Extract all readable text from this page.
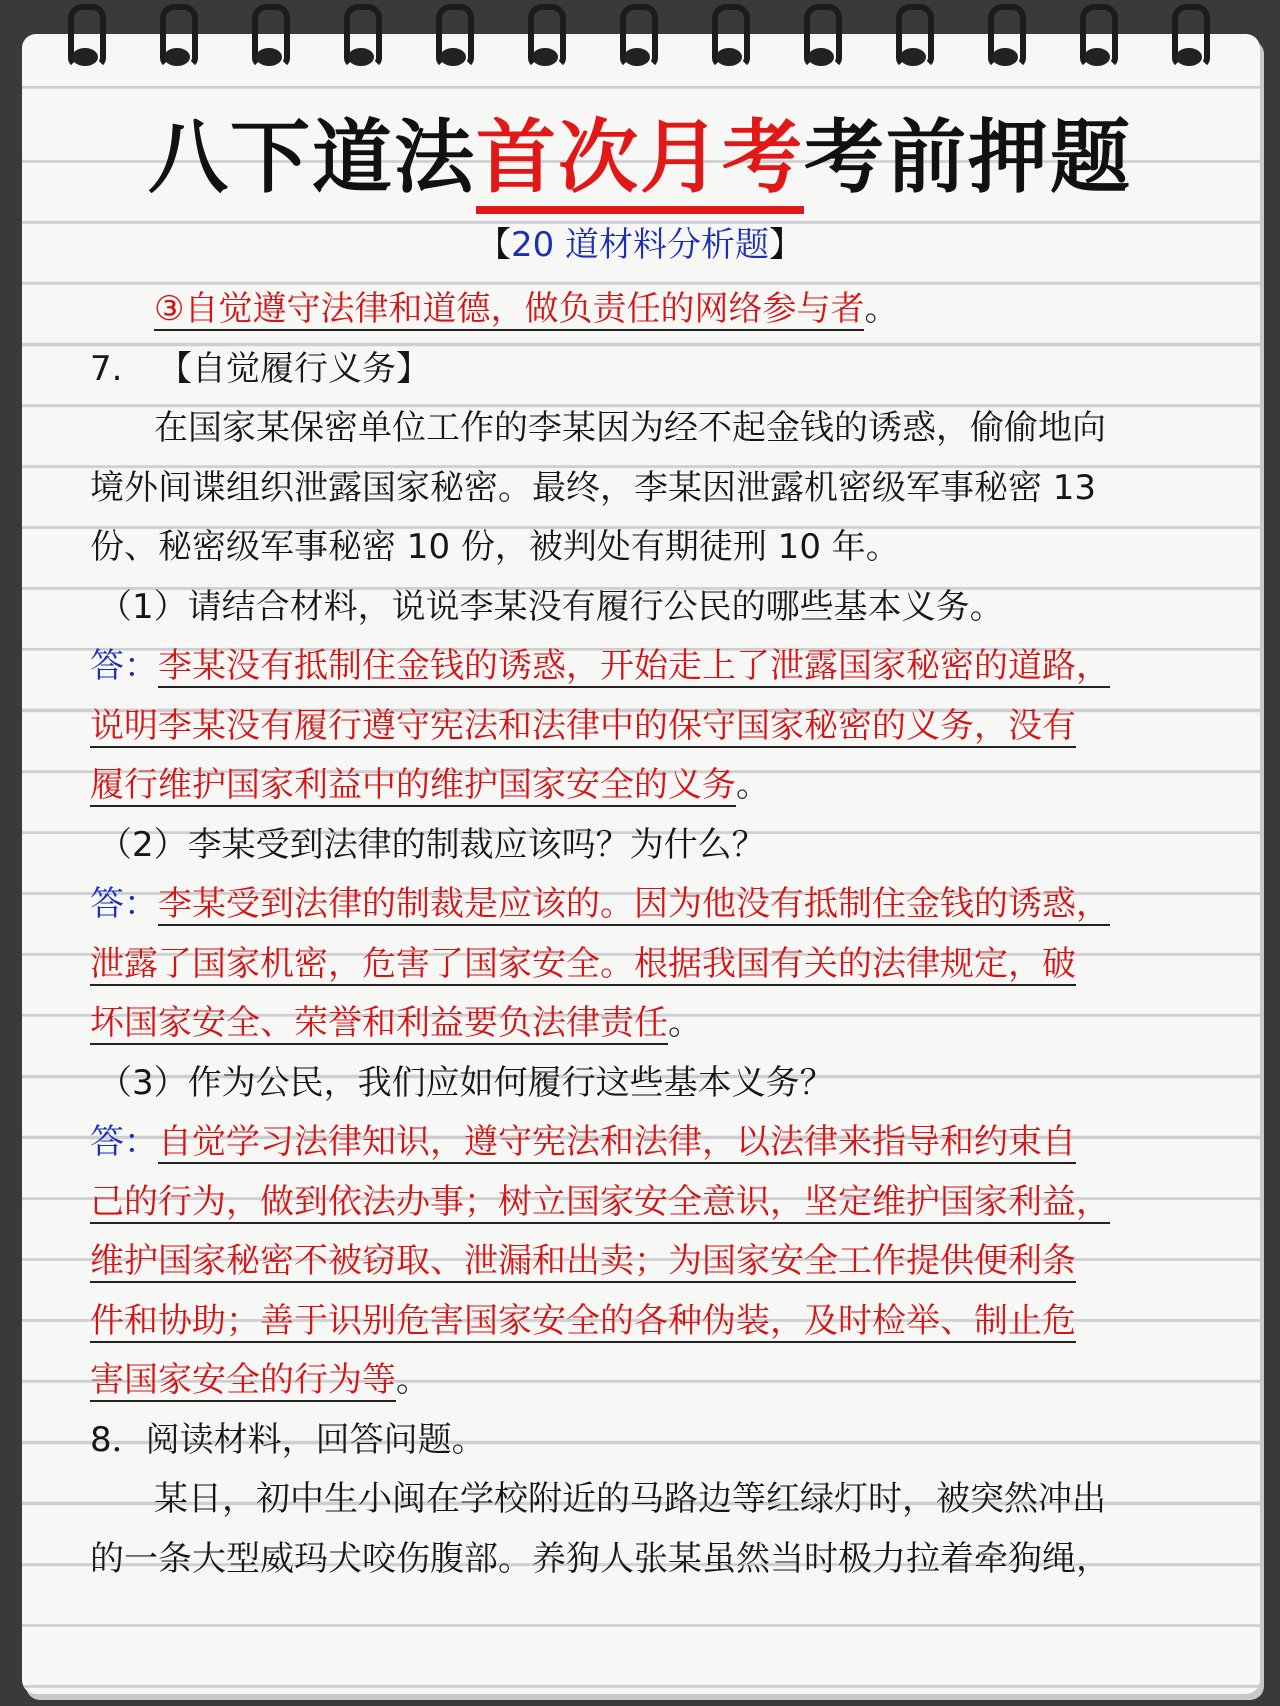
八下道法首次月考考前押题
【20 道材料分析题】
③自觉遵守法律和道德，做负责任的网络参与者。
7. 【自觉履行义务】
在国家某保密单位工作的李某因为经不起金钱的诱惑，偷偷地向
境外间谍组织泄露国家秘密。最终，李某因泄露机密级军事秘密 13
份、秘密级军事秘密 10 份，被判处有期徒刑 10 年。
（1）请结合材料，说说李某没有履行公民的哪些基本义务。
答：李某没有抵制住金钱的诱惑，开始走上了泄露国家秘密的道路，
说明李某没有履行遵守宪法和法律中的保守国家秘密的义务，没有
履行维护国家利益中的维护国家安全的义务。
（2）李某受到法律的制裁应该吗？为什么？
答：李某受到法律的制裁是应该的。因为他没有抵制住金钱的诱惑，
泄露了国家机密，危害了国家安全。根据我国有关的法律规定，破
坏国家安全、荣誉和利益要负法律责任。
（3）作为公民，我们应如何履行这些基本义务？
答：自觉学习法律知识，遵守宪法和法律，以法律来指导和约束自
己的行为，做到依法办事；树立国家安全意识，坚定维护国家利益，
维护国家秘密不被窃取、泄漏和出卖；为国家安全工作提供便利条
件和协助；善于识别危害国家安全的各种伪装，及时检举、制止危
害国家安全的行为等。
8．阅读材料，回答问题。
某日，初中生小闽在学校附近的马路边等红绿灯时，被突然冲出
的一条大型威玛犬咬伤腹部。养狗人张某虽然当时极力拉着牵狗绳，
